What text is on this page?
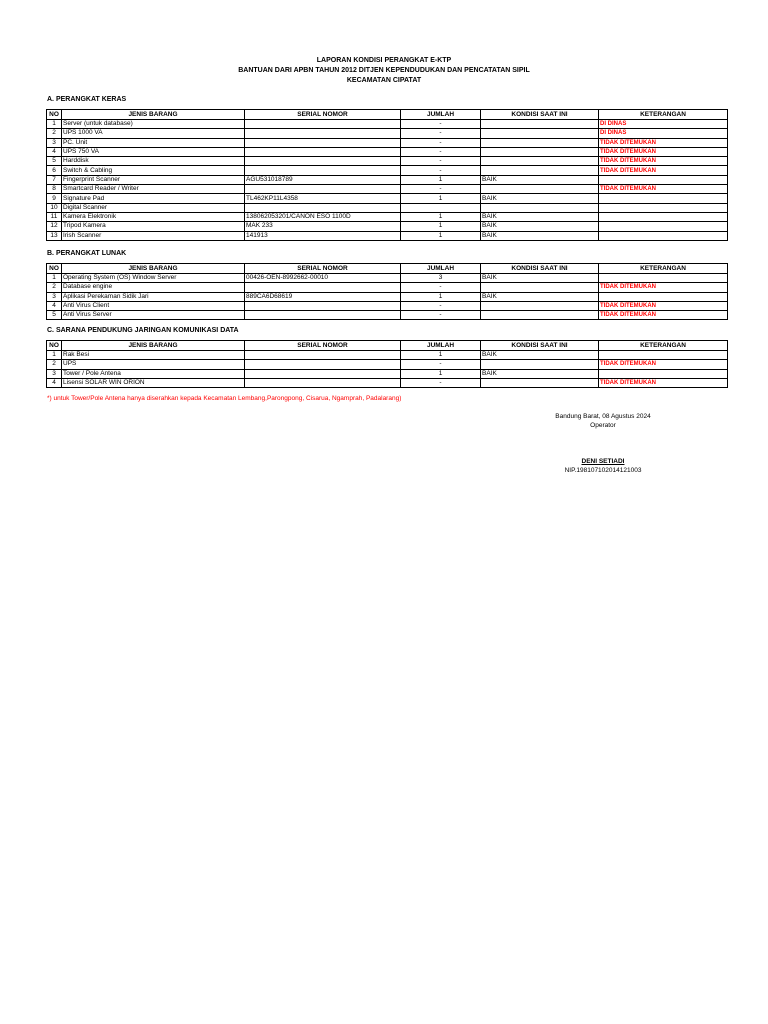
LAPORAN KONDISI PERANGKAT E-KTP
BANTUAN DARI APBN TAHUN 2012 DITJEN KEPENDUDUKAN DAN PENCATATAN SIPIL
KECAMATAN CIPATAT
A. PERANGKAT KERAS
NO	JENIS BARANG	SERIAL NOMOR	JUMLAH	KONDISI SAAT INI	KETERANGAN
1	Server (untuk database)		-		DI DINAS
2	UPS 1000 VA		-		DI DINAS
3	PC. Unit		-		TIDAK DITEMUKAN
4	UPS 750 VA		-		TIDAK DITEMUKAN
5	Harddisk		-		TIDAK DITEMUKAN
6	Switch & Cabling		-		TIDAK DITEMUKAN
7	Fingerprint Scanner	AGU531018789	1	BAIK	
8	Smartcard Reader / Writer		-		TIDAK DITEMUKAN
9	Signature Pad	TL462KP11L4358	1	BAIK	
10	Digital Scanner				
11	Kamera Elektronik	138062053201/CANON ESO 1100D	1	BAIK	
12	Tripod Kamera	MAK 233	1	BAIK	
13	Irish Scanner	141913	1	BAIK	
B. PERANGKAT LUNAK
NO	JENIS BARANG	SERIAL NOMOR	JUMLAH	KONDISI SAAT INI	KETERANGAN
1	Operating System (OS) Window Server	00426-OEN-8992662-00010	3	BAIK	
2	Database engine		-		TIDAK DITEMUKAN
3	Aplikasi Perekaman Sidik Jari	889CA6D68619	1	BAIK	
4	Anti Virus Client		-		TIDAK DITEMUKAN
5	Anti Virus Server		-		TIDAK DITEMUKAN
C. SARANA PENDUKUNG JARINGAN KOMUNIKASI DATA
NO	JENIS BARANG	SERIAL NOMOR	JUMLAH	KONDISI SAAT INI	KETERANGAN
1	Rak Besi		1	BAIK	
2	UPS		-		TIDAK DITEMUKAN
3	Tower / Pole Antena		1	BAIK	
4	Lisensi SOLAR WIN ORION		-		TIDAK DITEMUKAN
*) untuk Tower/Pole Antena hanya diserahkan kepada Kecamatan Lembang,Parongpong, Cisarua, Ngamprah, Padalarang)
Bandung Barat, 08 Agustus 2024
Operator
DENI SETIADI
NIP.198107102014121003
